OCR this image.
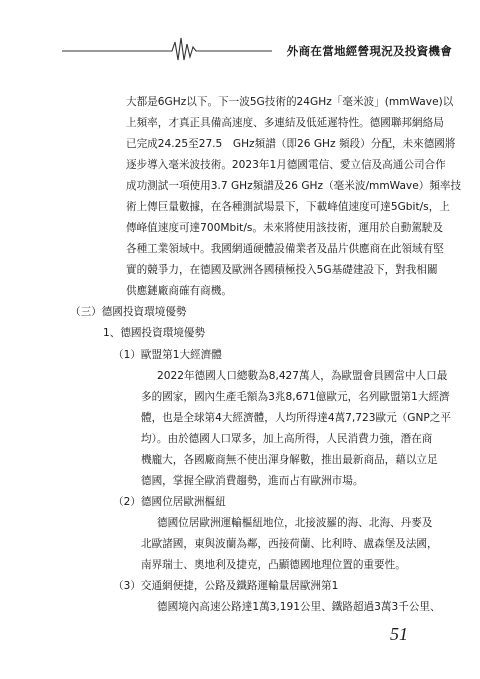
外商在當地經營現況及投資機會
大都是6GHz以下。下一波5G技術的24GHz「毫米波」(mmWave)以
上頻率，才真正具備高速度、多連結及低延遲特性。德國聯邦網絡局
已完成24.25至27.5　GHz頻譜（即26 GHz 頻段）分配，未來德國將
逐步導入毫米波技術。2023年1月德國電信、愛立信及高通公司合作
成功測試一項使用3.7 GHz頻譜及26 GHz（毫米波/mmWave）頻率技
術上傳巨量數據，在各種測試場景下，下載峰值速度可達5Gbit/s，上
傳峰值速度可達700Mbit/s。未來將使用該技術，運用於自動駕駛及
各種工業領域中。我國網通硬體設備業者及晶片供應商在此領域有堅
實的競爭力，在德國及歐洲各國積極投入5G基礎建設下，對我相關
供應鏈廠商確有商機。
（三）德國投資環境優勢
1、德國投資環境優勢
（1）歐盟第1大經濟體
2022年德國人口總數為8,427萬人，為歐盟會員國當中人口最
多的國家，國內生產毛額為3兆8,671億歐元，名列歐盟第1大經濟
體，也是全球第4大經濟體，人均所得達4萬7,723歐元（GNP之平
均）。由於德國人口眾多，加上高所得，人民消費力強，潛在商
機龐大，各國廠商無不使出渾身解數，推出最新商品，藉以立足
德國，掌握全歐消費趨勢，進而占有歐洲市場。
（2）德國位居歐洲樞紐
德國位居歐洲運輸樞紐地位，北接波羅的海、北海、丹麥及
北歐諸國，東與波蘭為鄰，西接荷蘭、比利時、盧森堡及法國，
南界瑞士、奧地利及捷克，凸顯德國地理位置的重要性。
（3）交通網便捷，公路及鐵路運輸量居歐洲第1
德國境內高速公路達1萬3,191公里、鐵路超過3萬3千公里、
51
